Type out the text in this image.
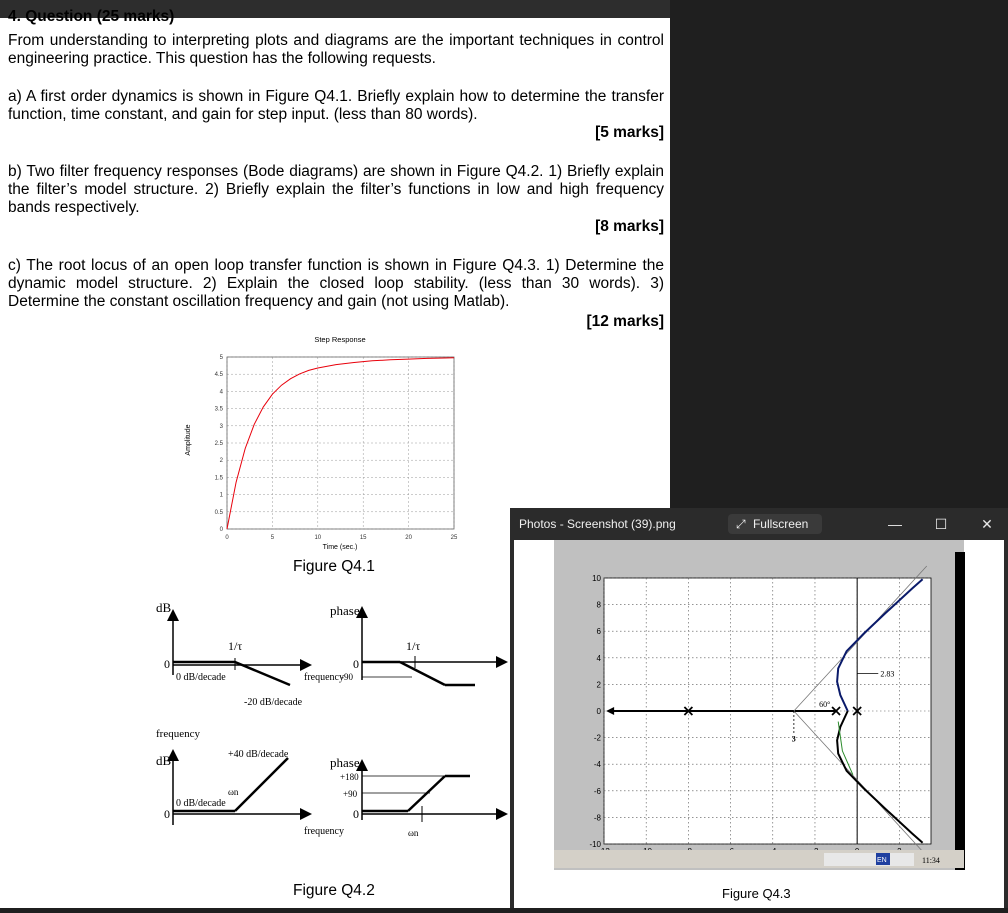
4. Question (25 marks)
From understanding to interpreting plots and diagrams are the important techniques in control engineering practice. This question has the following requests.
a) A first order dynamics is shown in Figure Q4.1. Briefly explain how to determine the transfer function, time constant, and gain for step input. (less than 80 words).
[5 marks]
b) Two filter frequency responses (Bode diagrams) are shown in Figure Q4.2. 1) Briefly explain the filter’s model structure. 2) Briefly explain the filter’s functions in low and high frequency bands respectively.
[8 marks]
c) The root locus of an open loop transfer function is shown in Figure Q4.3. 1) Determine the dynamic model structure. 2) Explain the closed loop stability. (less than 30 words). 3) Determine the constant oscillation frequency and gain (not using Matlab).
[12 marks]
Step Response
Amplitude
Time (sec.)
0
0.5
1
1.5
2
2.5
3
3.5
4
4.5
5
0	5	10	15	20	25
Figure Q4.1
dB
0
1/τ
0 dB/decade
-20 dB/decade
frequency
phase
0
-90
frequency
1/τ
dB
0
ωn
0 dB/decade
+40 dB/decade
phase
+180
+90
0
frequency	ωn
Figure Q4.2
Photos - Screenshot (39).png	⤢ Fullscreen	—	☐	✕
10
8
6
4
2
0
-2
-4
-6
-8
-10
2.83
60°
3
EN	11:34
Figure Q4.3
